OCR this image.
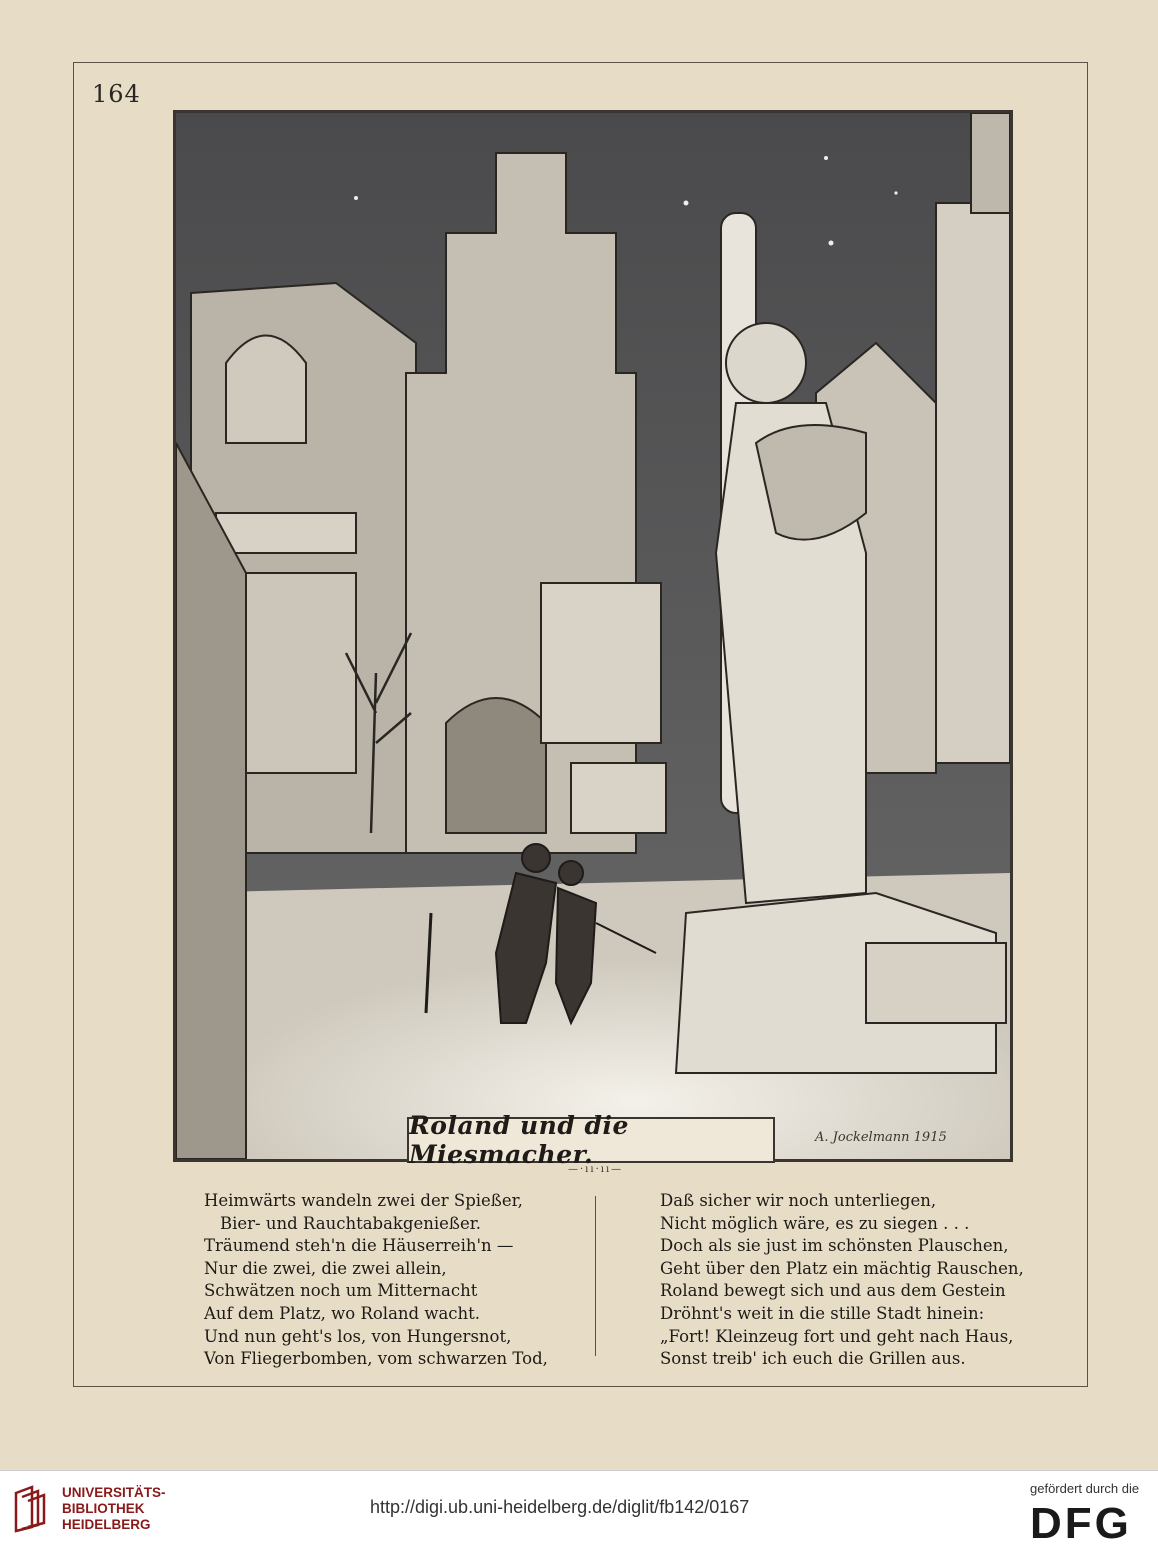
164
Roland und die Miesmacher.
A. Jockelmann 1915
—·ıı·ıı—
Heimwärts wandeln zwei der Spießer,
Bier- und Rauchtabakgenießer.
Träumend steh'n die Häuserreih'n —
Nur die zwei, die zwei allein,
Schwätzen noch um Mitternacht
Auf dem Platz, wo Roland wacht.
Und nun geht's los, von Hungersnot,
Von Fliegerbomben, vom schwarzen Tod,
Daß sicher wir noch unterliegen,
Nicht möglich wäre, es zu siegen . . .
Doch als sie just im schönsten Plauschen,
Geht über den Platz ein mächtig Rauschen,
Roland bewegt sich und aus dem Gestein
Dröhnt's weit in die stille Stadt hinein:
„Fort! Kleinzeug fort und geht nach Haus,
Sonst treib' ich euch die Grillen aus.
UNIVERSITÄTS-
BIBLIOTHEK
HEIDELBERG
http://digi.ub.uni-heidelberg.de/diglit/fb142/0167
gefördert durch die
DFG
